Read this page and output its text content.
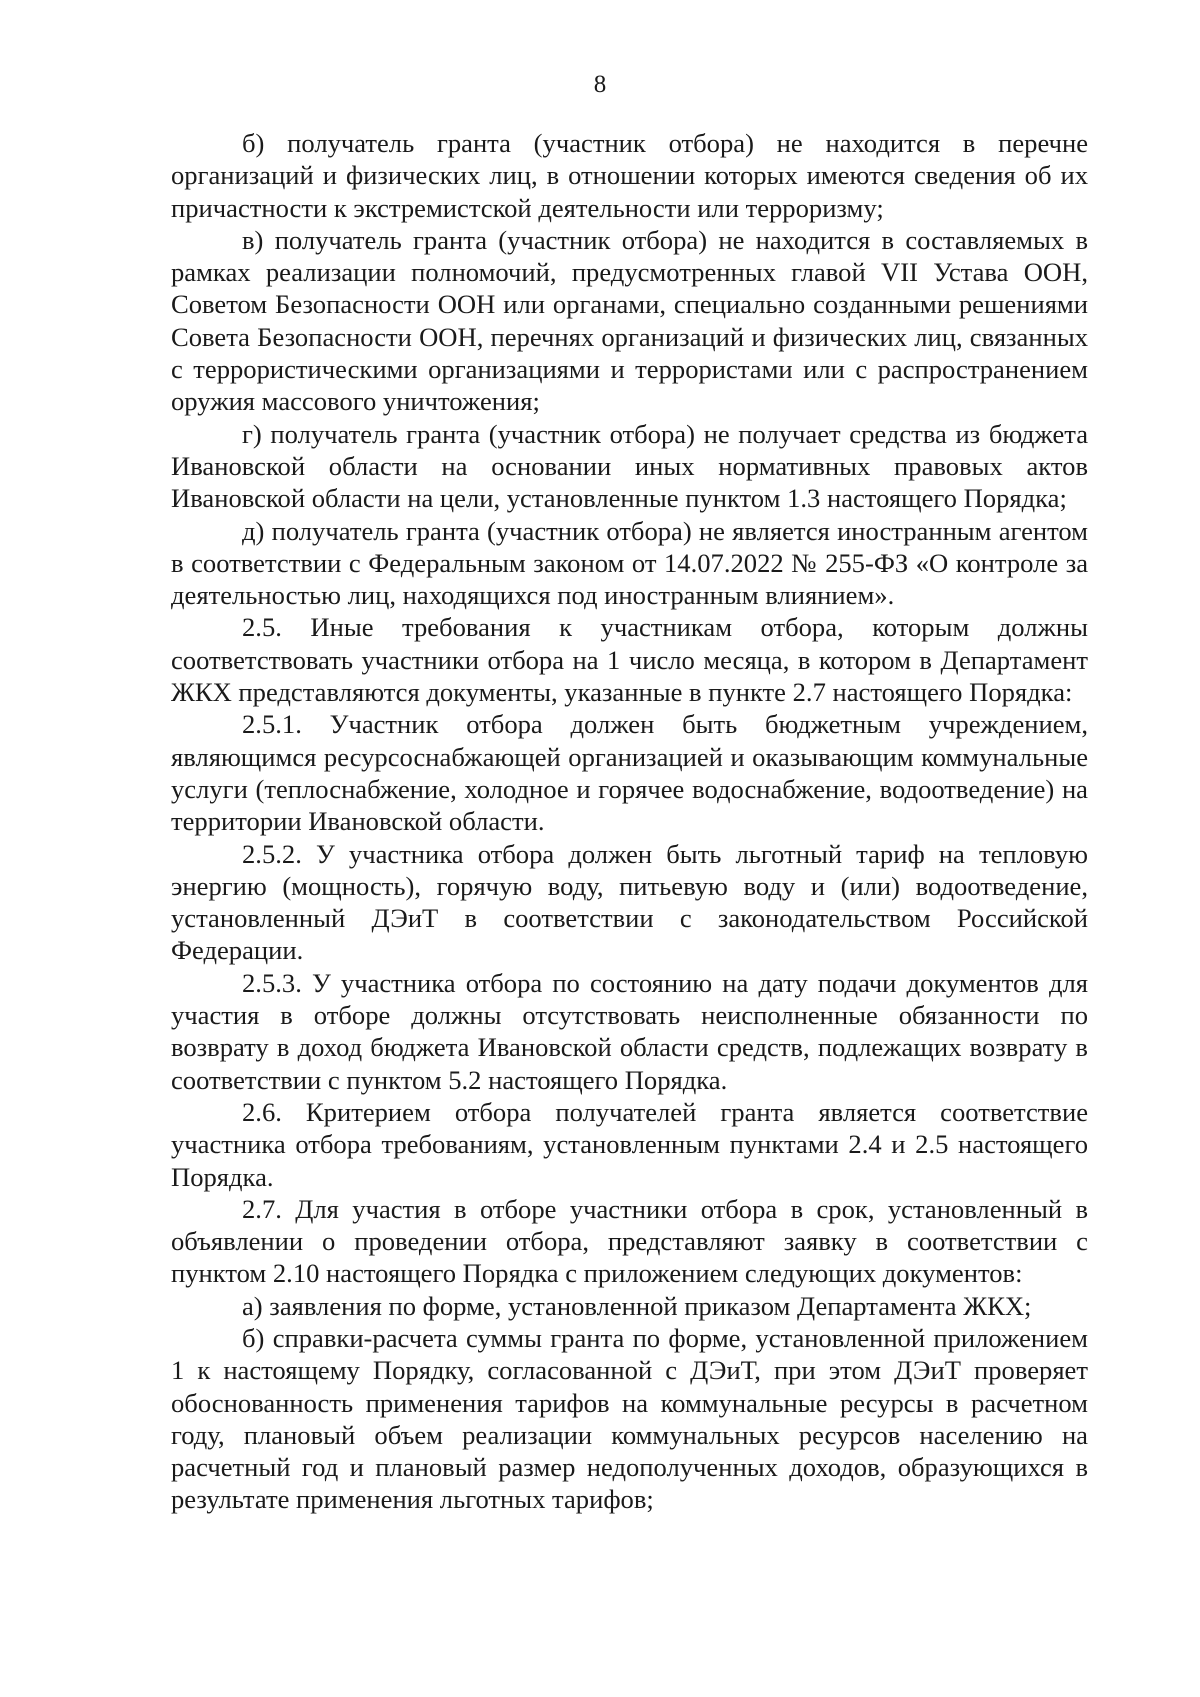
8

б) получатель гранта (участник отбора) не находится в перечне организаций и физических лиц, в отношении которых имеются сведения об их причастности к экстремистской деятельности или терроризму;

в) получатель гранта (участник отбора) не находится в составляемых в рамках реализации полномочий, предусмотренных главой VII Устава ООН, Советом Безопасности ООН или органами, специально созданными решениями Совета Безопасности ООН, перечнях организаций и физических лиц, связанных с террористическими организациями и террористами или с распространением оружия массового уничтожения;

г) получатель гранта (участник отбора) не получает средства из бюджета Ивановской области на основании иных нормативных правовых актов Ивановской области на цели, установленные пунктом 1.3 настоящего Порядка;

д) получатель гранта (участник отбора) не является иностранным агентом в соответствии с Федеральным законом от 14.07.2022 № 255-ФЗ «О контроле за деятельностью лиц, находящихся под иностранным влиянием».

2.5. Иные требования к участникам отбора, которым должны соответствовать участники отбора на 1 число месяца, в котором в Департамент ЖКХ представляются документы, указанные в пункте 2.7 настоящего Порядка:

2.5.1. Участник отбора должен быть бюджетным учреждением, являющимся ресурсоснабжающей организацией и оказывающим коммунальные услуги (теплоснабжение, холодное и горячее водоснабжение, водоотведение) на территории Ивановской области.

2.5.2. У участника отбора должен быть льготный тариф на тепловую энергию (мощность), горячую воду, питьевую воду и (или) водоотведение, установленный ДЭиТ в соответствии с законодательством Российской Федерации.

2.5.3. У участника отбора по состоянию на дату подачи документов для участия в отборе должны отсутствовать неисполненные обязанности по возврату в доход бюджета Ивановской области средств, подлежащих возврату в соответствии с пунктом 5.2 настоящего Порядка.

2.6. Критерием отбора получателей гранта является соответствие участника отбора требованиям, установленным пунктами 2.4 и 2.5 настоящего Порядка.

2.7. Для участия в отборе участники отбора в срок, установленный в объявлении о проведении отбора, представляют заявку в соответствии с пунктом 2.10 настоящего Порядка с приложением следующих документов:

а) заявления по форме, установленной приказом Департамента ЖКХ;

б) справки-расчета суммы гранта по форме, установленной приложением 1 к настоящему Порядку, согласованной с ДЭиТ, при этом ДЭиТ проверяет обоснованность применения тарифов на коммунальные ресурсы в расчетном году, плановый объем реализации коммунальных ресурсов населению на расчетный год и плановый размер недополученных доходов, образующихся в результате применения льготных тарифов;
